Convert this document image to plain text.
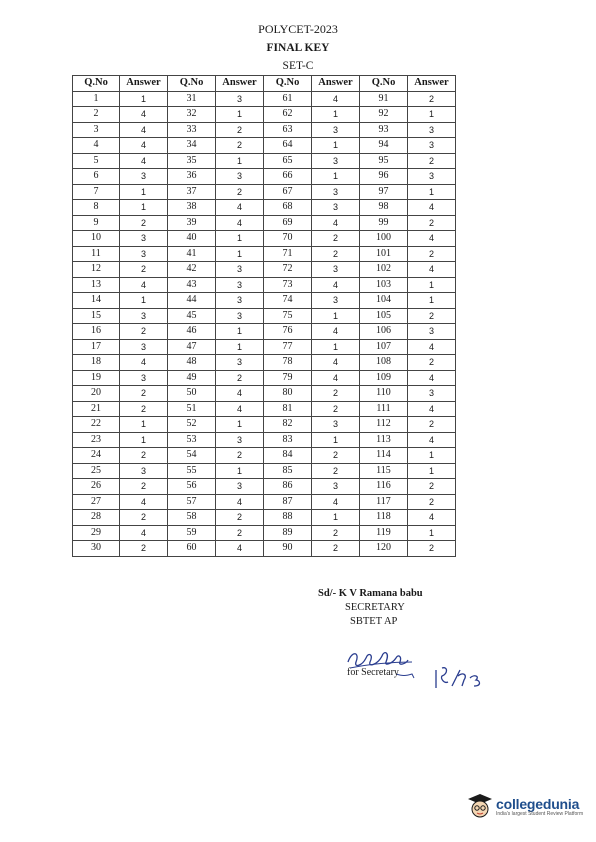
POLYCET-2023
FINAL KEY
SET-C
Q.No	Answer	Q.No	Answer	Q.No	Answer	Q.No	Answer
1	1	31	3	61	4	91	2
2	4	32	1	62	1	92	1
3	4	33	2	63	3	93	3
4	4	34	2	64	1	94	3
5	4	35	1	65	3	95	2
6	3	36	3	66	1	96	3
7	1	37	2	67	3	97	1
8	1	38	4	68	3	98	4
9	2	39	4	69	4	99	2
10	3	40	1	70	2	100	4
11	3	41	1	71	2	101	2
12	2	42	3	72	3	102	4
13	4	43	3	73	4	103	1
14	1	44	3	74	3	104	1
15	3	45	3	75	1	105	2
16	2	46	1	76	4	106	3
17	3	47	1	77	1	107	4
18	4	48	3	78	4	108	2
19	3	49	2	79	4	109	4
20	2	50	4	80	2	110	3
21	2	51	4	81	2	111	4
22	1	52	1	82	3	112	2
23	1	53	3	83	1	113	4
24	2	54	2	84	2	114	1
25	3	55	1	85	2	115	1
26	2	56	3	86	3	116	2
27	4	57	4	87	4	117	2
28	2	58	2	88	1	118	4
29	4	59	2	89	2	119	1
30	2	60	4	90	2	120	2
Sd/- K V Ramana babu
SECRETARY
SBTET AP
for Secretary
collegedunia
India's largest Student Review Platform
